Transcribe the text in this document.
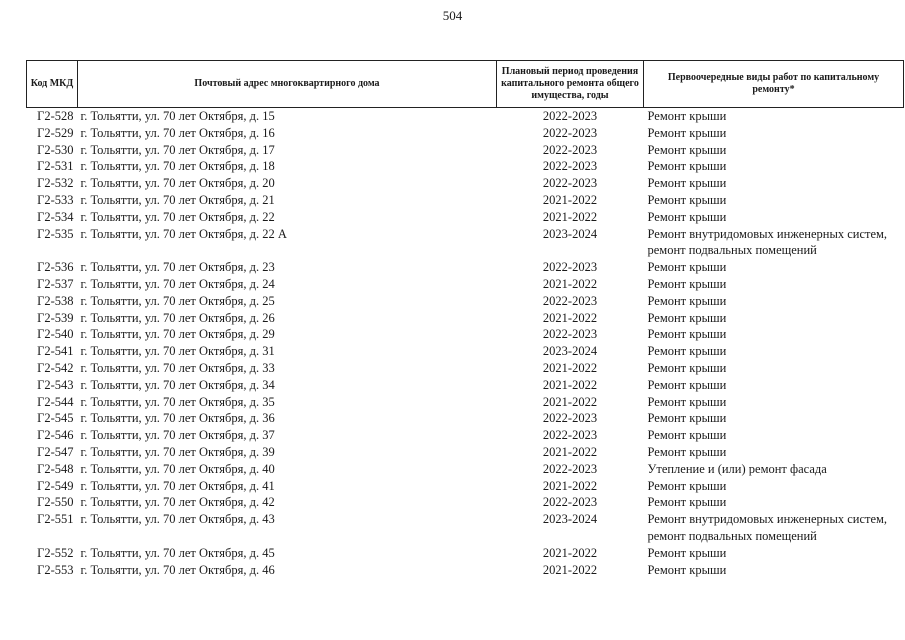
504
Код МКД	Почтовый адрес многоквартирного дома	Плановый период проведения капитального ремонта общего имущества, годы	Первоочередные виды работ по капитальному ремонту*
Г2-528	г. Тольятти, ул. 70 лет Октября, д. 15	2022-2023	Ремонт крыши

Г2-529	г. Тольятти, ул. 70 лет Октября, д. 16	2022-2023	Ремонт крыши

Г2-530	г. Тольятти, ул. 70 лет Октября, д. 17	2022-2023	Ремонт крыши

Г2-531	г. Тольятти, ул. 70 лет Октября, д. 18	2022-2023	Ремонт крыши

Г2-532	г. Тольятти, ул. 70 лет Октября, д. 20	2022-2023	Ремонт крыши

Г2-533	г. Тольятти, ул. 70 лет Октября, д. 21	2021-2022	Ремонт крыши

Г2-534	г. Тольятти, ул. 70 лет Октября, д. 22	2021-2022	Ремонт крыши

Г2-535	г. Тольятти, ул. 70 лет Октября, д. 22 А	2023-2024	Ремонт внутридомовых инженерных систем,
ремонт подвальных помещений

Г2-536	г. Тольятти, ул. 70 лет Октября, д. 23	2022-2023	Ремонт крыши

Г2-537	г. Тольятти, ул. 70 лет Октября, д. 24	2021-2022	Ремонт крыши

Г2-538	г. Тольятти, ул. 70 лет Октября, д. 25	2022-2023	Ремонт крыши

Г2-539	г. Тольятти, ул. 70 лет Октября, д. 26	2021-2022	Ремонт крыши

Г2-540	г. Тольятти, ул. 70 лет Октября, д. 29	2022-2023	Ремонт крыши

Г2-541	г. Тольятти, ул. 70 лет Октября, д. 31	2023-2024	Ремонт крыши

Г2-542	г. Тольятти, ул. 70 лет Октября, д. 33	2021-2022	Ремонт крыши

Г2-543	г. Тольятти, ул. 70 лет Октября, д. 34	2021-2022	Ремонт крыши

Г2-544	г. Тольятти, ул. 70 лет Октября, д. 35	2021-2022	Ремонт крыши

Г2-545	г. Тольятти, ул. 70 лет Октября, д. 36	2022-2023	Ремонт крыши

Г2-546	г. Тольятти, ул. 70 лет Октября, д. 37	2022-2023	Ремонт крыши

Г2-547	г. Тольятти, ул. 70 лет Октября, д. 39	2021-2022	Ремонт крыши

Г2-548	г. Тольятти, ул. 70 лет Октября, д. 40	2022-2023	Утепление и (или) ремонт фасада

Г2-549	г. Тольятти, ул. 70 лет Октября, д. 41	2021-2022	Ремонт крыши

Г2-550	г. Тольятти, ул. 70 лет Октября, д. 42	2022-2023	Ремонт крыши

Г2-551	г. Тольятти, ул. 70 лет Октября, д. 43	2023-2024	Ремонт внутридомовых инженерных систем,
ремонт подвальных помещений

Г2-552	г. Тольятти, ул. 70 лет Октября, д. 45	2021-2022	Ремонт крыши

Г2-553	г. Тольятти, ул. 70 лет Октября, д. 46	2021-2022	Ремонт крыши
